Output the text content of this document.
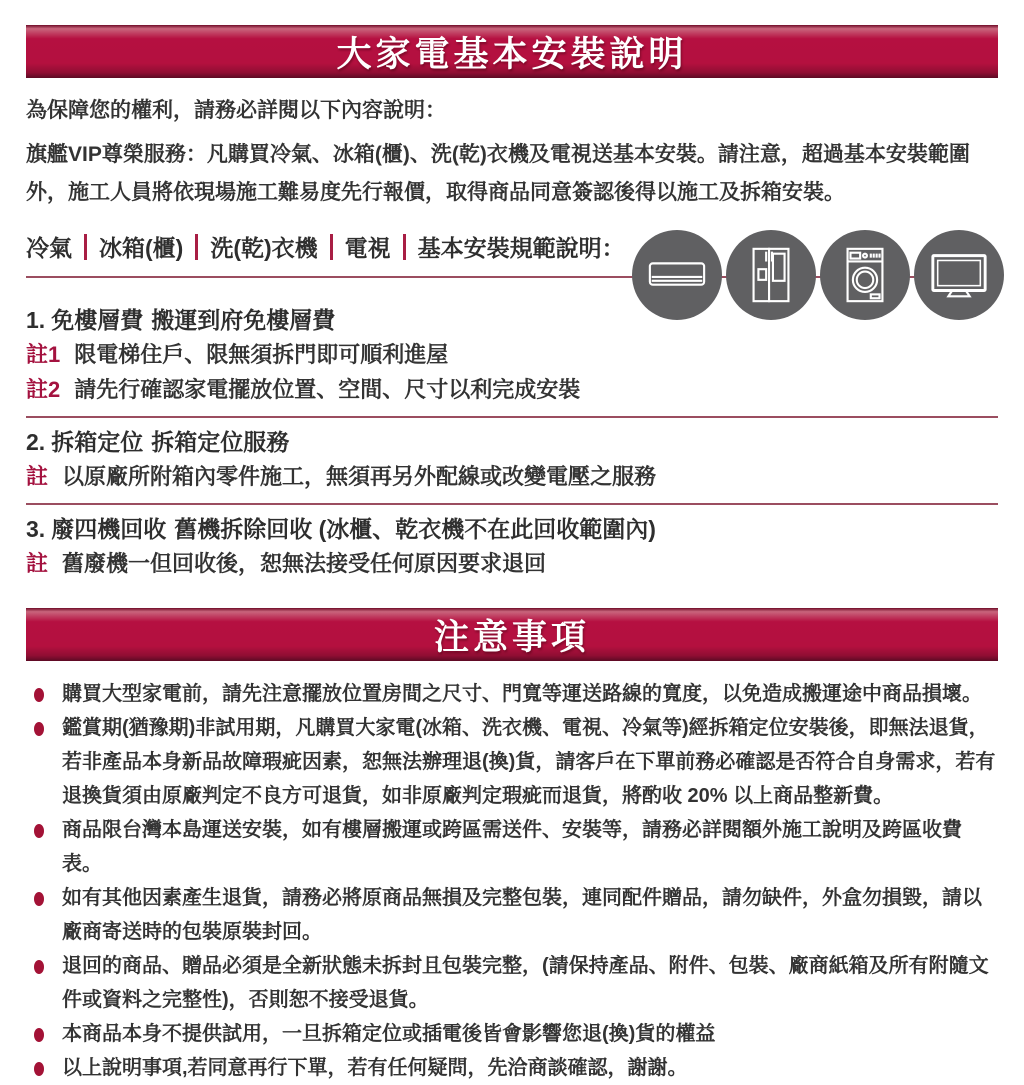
大家電基本安裝說明

為保障您的權利，請務必詳閱以下內容說明：

旗艦VIP尊榮服務：凡購買冷氣、冰箱(櫃)、洗(乾)衣機及電視送基本安裝。請注意，超過基本安裝範圍外，施工人員將依現場施工難易度先行報價，取得商品同意簽認後得以施工及拆箱安裝。

冷氣 冰箱(櫃) 洗(乾)衣機 電視 基本安裝規範說明：
1. 免樓層費 搬運到府免樓層費
註1 限電梯住戶、限無須拆門即可順利進屋
註2 請先行確認家電擺放位置、空間、尺寸以利完成安裝
2. 拆箱定位 拆箱定位服務
註 以原廠所附箱內零件施工，無須再另外配線或改變電壓之服務
3. 廢四機回收 舊機拆除回收 (冰櫃、乾衣機不在此回收範圍內)
註 舊廢機一但回收後，恕無法接受任何原因要求退回
注意事項
購買大型家電前，請先注意擺放位置房間之尺寸、門寬等運送路線的寬度，以免造成搬運途中商品損壞。
鑑賞期(猶豫期)非試用期，凡購買大家電(冰箱、洗衣機、電視、冷氣等)經拆箱定位安裝後，即無法退貨，若非產品本身新品故障瑕疵因素，恕無法辦理退(換)貨，請客戶在下單前務必確認是否符合自身需求，若有退換貨須由原廠判定不良方可退貨，如非原廠判定瑕疵而退貨，將酌收 20% 以上商品整新費。
商品限台灣本島運送安裝，如有樓層搬運或跨區需送件、安裝等，請務必詳閱額外施工說明及跨區收費表。
如有其他因素產生退貨，請務必將原商品無損及完整包裝，連同配件贈品，請勿缺件，外盒勿損毀，請以廠商寄送時的包裝原裝封回。
退回的商品、贈品必須是全新狀態未拆封且包裝完整，(請保持產品、附件、包裝、廠商紙箱及所有附隨文件或資料之完整性)，否則恕不接受退貨。
本商品本身不提供試用，一旦拆箱定位或插電後皆會影響您退(換)貨的權益
以上說明事項,若同意再行下單，若有任何疑問，先洽商談確認，謝謝。
